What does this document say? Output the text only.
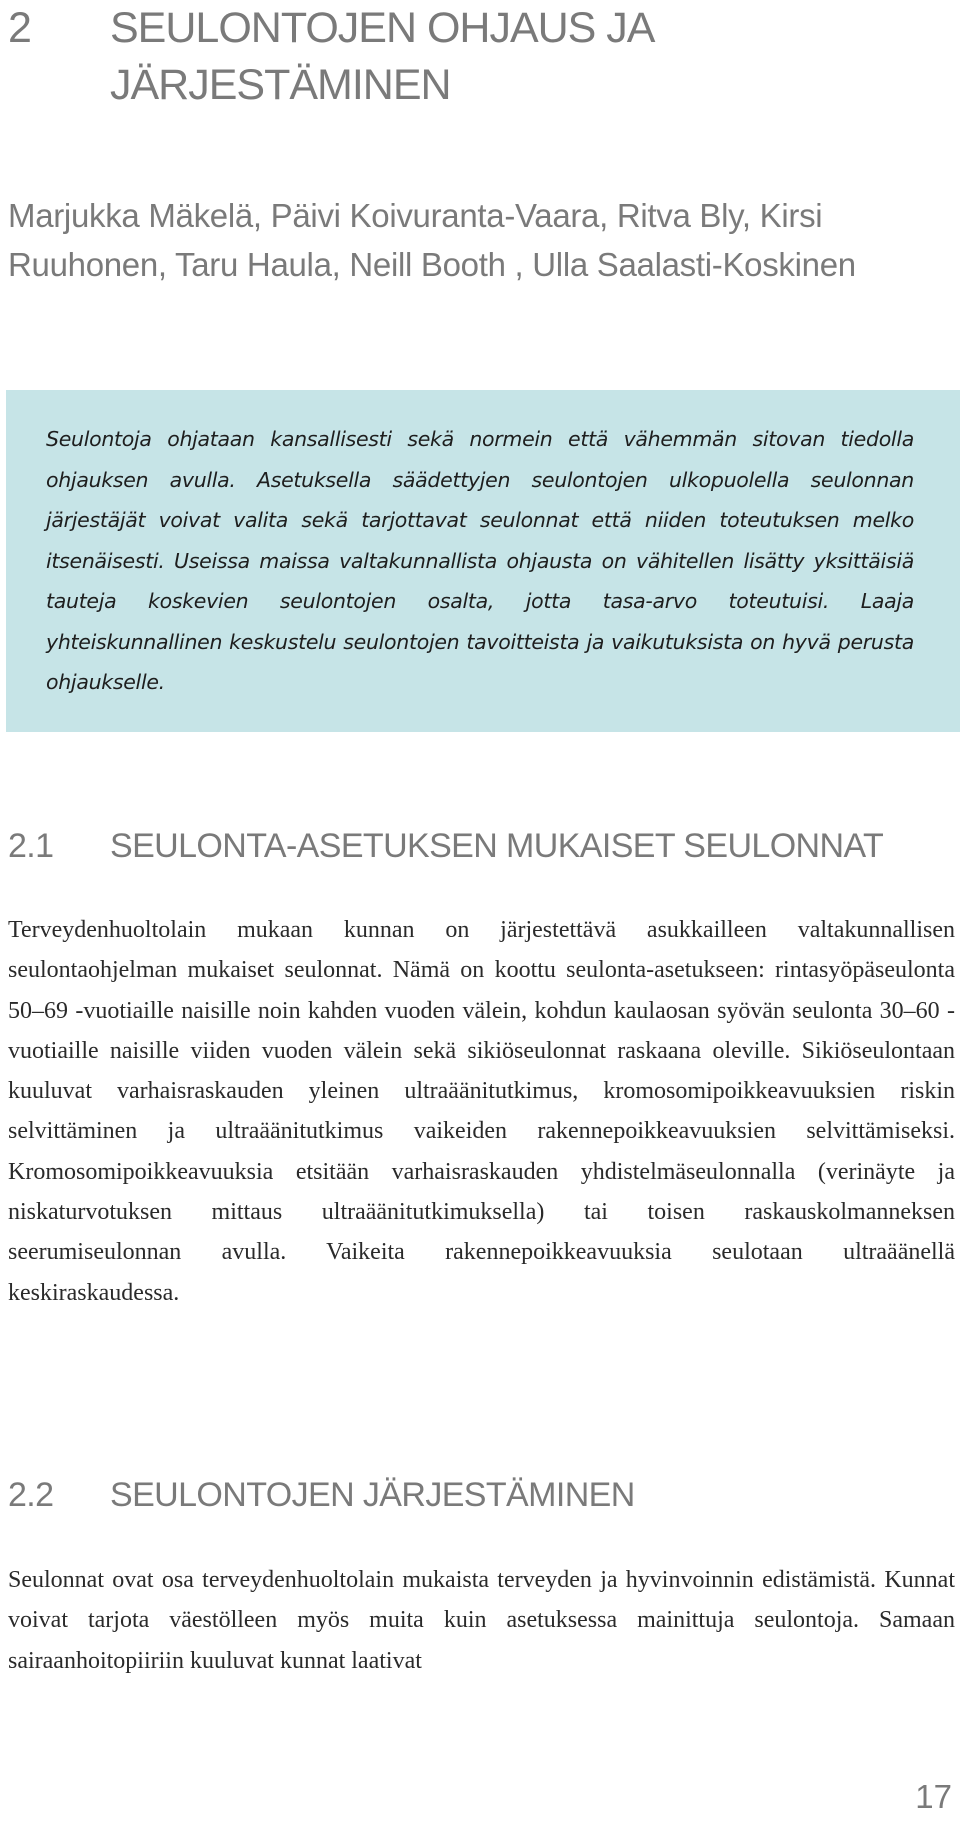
2	SEULONTOJEN OHJAUS JA JÄRJESTÄMINEN
Marjukka Mäkelä, Päivi Koivuranta-Vaara, Ritva Bly, Kirsi Ruuhonen, Taru Haula, Neill Booth , Ulla Saalasti-Koskinen
Seulontoja ohjataan kansallisesti sekä normein että vähemmän sitovan tiedolla ohjauksen avulla. Asetuksella säädettyjen seulontojen ulkopuolella seulonnan järjestäjät voivat valita sekä tarjottavat seulonnat että niiden toteutuksen melko itsenäisesti. Useissa maissa valtakunnallista ohjausta on vähitellen lisätty yksittäisiä tauteja koskevien seulontojen osalta, jotta tasa-arvo toteutuisi. Laaja yhteiskunnallinen keskustelu seulontojen tavoitteista ja vaikutuksista on hyvä perusta ohjaukselle.
2.1	SEULONTA-ASETUKSEN MUKAISET SEULONNAT
Terveydenhuoltolain mukaan kunnan on järjestettävä asukkailleen valtakunnallisen seulontaohjelman mukaiset seulonnat. Nämä on koottu seulonta-asetukseen: rintasyöpäseulonta 50–69 -vuotiaille naisille noin kahden vuoden välein, kohdun kaulaosan syövän seulonta 30–60 -vuotiaille naisille viiden vuoden välein sekä sikiöseulonnat raskaana oleville. Sikiöseulontaan kuuluvat varhaisraskauden yleinen ultraäänitutkimus, kromosomipoikkeavuuksien riskin selvittäminen ja ultraäänitutkimus vaikeiden rakennepoikkeavuuksien selvittämiseksi. Kromosomipoikkeavuuksia etsitään varhaisraskauden yhdistelmäseulonnalla (verinäyte ja niskaturvotuksen mittaus ultraäänitutkimuksella) tai toisen raskauskolmanneksen seerumiseulonnan avulla. Vaikeita rakennepoikkeavuuksia seulotaan ultraäänellä keskiraskaudessa.
2.2	SEULONTOJEN JÄRJESTÄMINEN
Seulonnat ovat osa terveydenhuoltolain mukaista terveyden ja hyvinvoinnin edistämistä. Kunnat voivat tarjota väestölleen myös muita kuin asetuksessa mainittuja seulontoja. Samaan sairaanhoitopiiriin kuuluvat kunnat laativat
17
